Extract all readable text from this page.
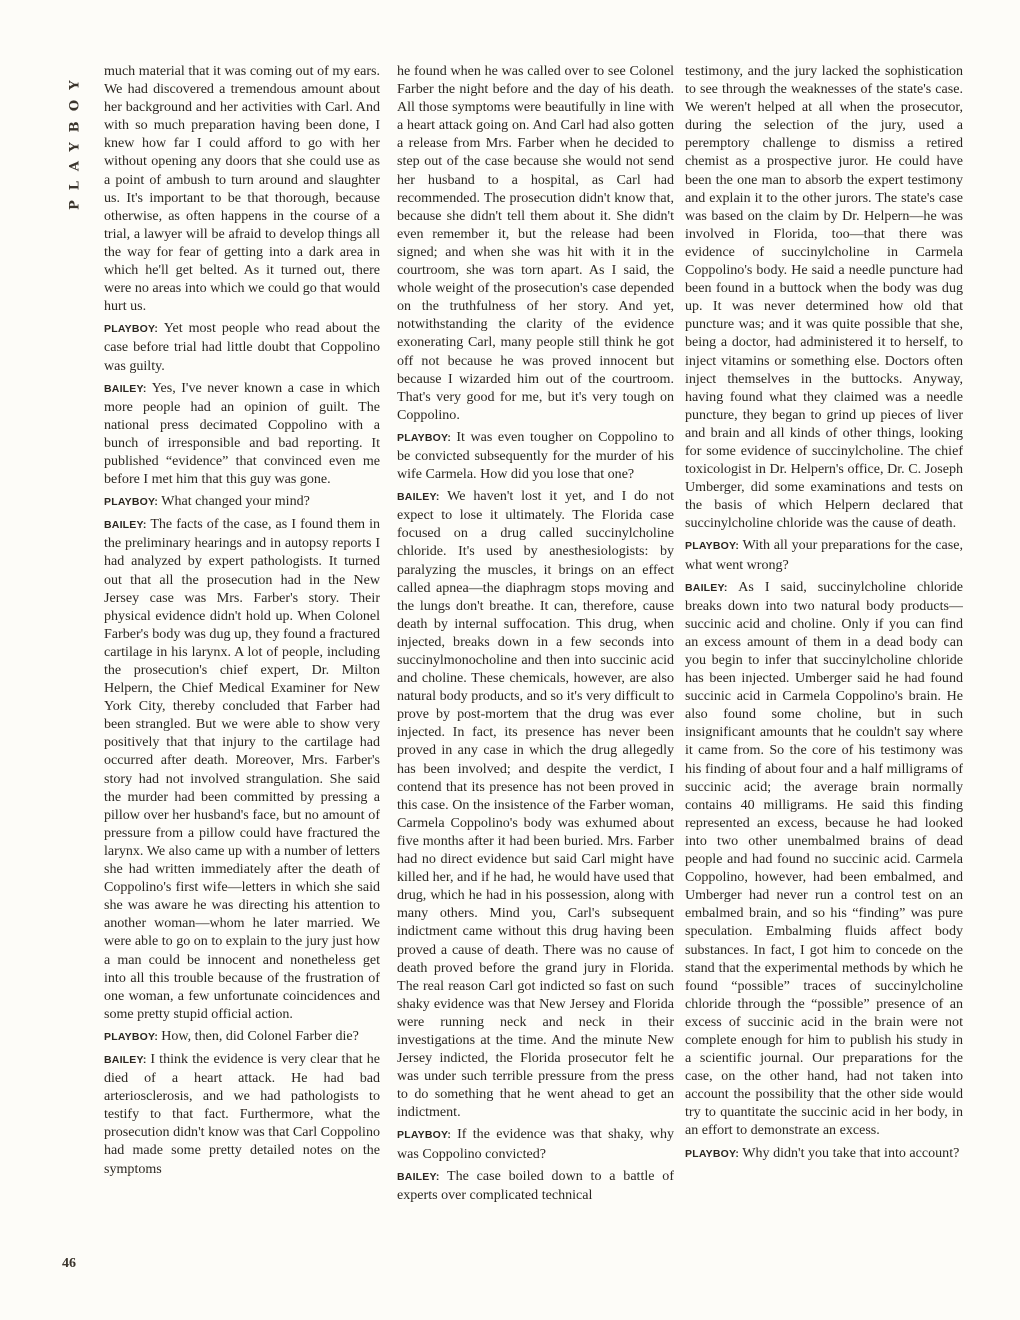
PLAYBOY
46

much material that it was coming out of my ears. We had discovered a tremendous amount about her background and her activities with Carl. And with so much preparation having been done, I knew how far I could afford to go with her without opening any doors that she could use as a point of ambush to turn around and slaughter us. It's important to be that thorough, because otherwise, as often happens in the course of a trial, a lawyer will be afraid to develop things all the way for fear of getting into a dark area in which he'll get belted. As it turned out, there were no areas into which we could go that would hurt us.

PLAYBOY: Yet most people who read about the case before trial had little doubt that Coppolino was guilty.

BAILEY: Yes, I've never known a case in which more people had an opinion of guilt. The national press decimated Coppolino with a bunch of irresponsible and bad reporting. It published “evidence” that convinced even me before I met him that this guy was gone.

PLAYBOY: What changed your mind?

BAILEY: The facts of the case, as I found them in the preliminary hearings and in autopsy reports I had analyzed by expert pathologists. It turned out that all the prosecution had in the New Jersey case was Mrs. Farber's story. Their physical evidence didn't hold up. When Colonel Farber's body was dug up, they found a fractured cartilage in his larynx. A lot of people, including the prosecution's chief expert, Dr. Milton Helpern, the Chief Medical Examiner for New York City, thereby concluded that Farber had been strangled. But we were able to show very positively that that injury to the cartilage had occurred after death. Moreover, Mrs. Farber's story had not involved strangulation. She said the murder had been committed by pressing a pillow over her husband's face, but no amount of pressure from a pillow could have fractured the larynx. We also came up with a number of letters she had written immediately after the death of Coppolino's first wife—letters in which she said she was aware he was directing his attention to another woman—whom he later married. We were able to go on to explain to the jury just how a man could be innocent and nonetheless get into all this trouble because of the frustration of one woman, a few unfortunate coincidences and some pretty stupid official action.

PLAYBOY: How, then, did Colonel Farber die?

BAILEY: I think the evidence is very clear that he died of a heart attack. He had bad arteriosclerosis, and we had pathologists to testify to that fact. Furthermore, what the prosecution didn't know was that Carl Coppolino had made some pretty detailed notes on the symptoms

he found when he was called over to see Colonel Farber the night before and the day of his death. All those symptoms were beautifully in line with a heart attack going on. And Carl had also gotten a release from Mrs. Farber when he decided to step out of the case because she would not send her husband to a hospital, as Carl had recommended. The prosecution didn't know that, because she didn't tell them about it. She didn't even remember it, but the release had been signed; and when she was hit with it in the courtroom, she was torn apart. As I said, the whole weight of the prosecution's case depended on the truthfulness of her story. And yet, notwithstanding the clarity of the evidence exonerating Carl, many people still think he got off not because he was proved innocent but because I wizarded him out of the courtroom. That's very good for me, but it's very tough on Coppolino.

PLAYBOY: It was even tougher on Coppolino to be convicted subsequently for the murder of his wife Carmela. How did you lose that one?

BAILEY: We haven't lost it yet, and I do not expect to lose it ultimately. The Florida case focused on a drug called succinylcholine chloride. It's used by anesthesiologists: by paralyzing the muscles, it brings on an effect called apnea—the diaphragm stops moving and the lungs don't breathe. It can, therefore, cause death by internal suffocation. This drug, when injected, breaks down in a few seconds into succinylmonocholine and then into succinic acid and choline. These chemicals, however, are also natural body products, and so it's very difficult to prove by post-mortem that the drug was ever injected. In fact, its presence has never been proved in any case in which the drug allegedly has been involved; and despite the verdict, I contend that its presence has not been proved in this case. On the insistence of the Farber woman, Carmela Coppolino's body was exhumed about five months after it had been buried. Mrs. Farber had no direct evidence but said Carl might have killed her, and if he had, he would have used that drug, which he had in his possession, along with many others. Mind you, Carl's subsequent indictment came without this drug having been proved a cause of death. There was no cause of death proved before the grand jury in Florida. The real reason Carl got indicted so fast on such shaky evidence was that New Jersey and Florida were running neck and neck in their investigations at the time. And the minute New Jersey indicted, the Florida prosecutor felt he was under such terrible pressure from the press to do something that he went ahead to get an indictment.

PLAYBOY: If the evidence was that shaky, why was Coppolino convicted?

BAILEY: The case boiled down to a battle of experts over complicated technical

testimony, and the jury lacked the sophistication to see through the weaknesses of the state's case. We weren't helped at all when the prosecutor, during the selection of the jury, used a peremptory challenge to dismiss a retired chemist as a prospective juror. He could have been the one man to absorb the expert testimony and explain it to the other jurors. The state's case was based on the claim by Dr. Helpern—he was involved in Florida, too—that there was evidence of succinylcholine in Carmela Coppolino's body. He said a needle puncture had been found in a buttock when the body was dug up. It was never determined how old that puncture was; and it was quite possible that she, being a doctor, had administered it to herself, to inject vitamins or something else. Doctors often inject themselves in the buttocks. Anyway, having found what they claimed was a needle puncture, they began to grind up pieces of liver and brain and all kinds of other things, looking for some evidence of succinylcholine. The chief toxicologist in Dr. Helpern's office, Dr. C. Joseph Umberger, did some examinations and tests on the basis of which Helpern declared that succinylcholine chloride was the cause of death.

PLAYBOY: With all your preparations for the case, what went wrong?

BAILEY: As I said, succinylcholine chloride breaks down into two natural body products—succinic acid and choline. Only if you can find an excess amount of them in a dead body can you begin to infer that succinylcholine chloride has been injected. Umberger said he had found succinic acid in Carmela Coppolino's brain. He also found some choline, but in such insignificant amounts that he couldn't say where it came from. So the core of his testimony was his finding of about four and a half milligrams of succinic acid; the average brain normally contains 40 milligrams. He said this finding represented an excess, because he had looked into two other unembalmed brains of dead people and had found no succinic acid. Carmela Coppolino, however, had been embalmed, and Umberger had never run a control test on an embalmed brain, and so his “finding” was pure speculation. Embalming fluids affect body substances. In fact, I got him to concede on the stand that the experimental methods by which he found “possible” traces of succinylcholine chloride through the “possible” presence of an excess of succinic acid in the brain were not complete enough for him to publish his study in a scientific journal. Our preparations for the case, on the other hand, had not taken into account the possibility that the other side would try to quantitate the succinic acid in her body, in an effort to demonstrate an excess.

PLAYBOY: Why didn't you take that into account?
